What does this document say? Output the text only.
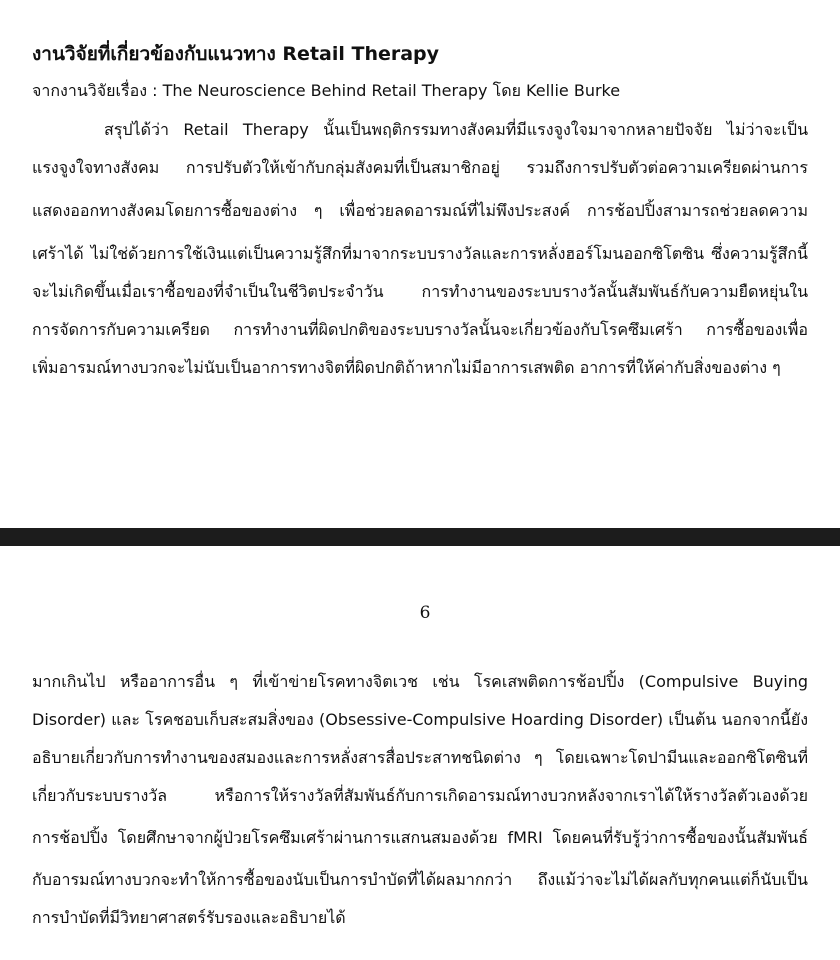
งานวิจัยที่เกี่ยวข้องกับแนวทาง Retail Therapy
จากงานวิจัยเรื่อง : The Neuroscience Behind Retail Therapy โดย Kellie Burke
สรุปได้ว่า Retail Therapy นั้นเป็นพฤติกรรมทางสังคมที่มีแรงจูงใจมาจากหลายปัจจัย ไม่ว่าจะเป็น
แรงจูงใจทางสังคม การปรับตัวให้เข้ากับกลุ่มสังคมที่เป็นสมาชิกอยู่ รวมถึงการปรับตัวต่อความเครียดผ่านการ
แสดงออกทางสังคมโดยการซื้อของต่าง ๆ เพื่อช่วยลดอารมณ์ที่ไม่พึงประสงค์ การช้อปปิ้งสามารถช่วยลดความ
เศร้าได้ ไม่ใช่ด้วยการใช้เงินแต่เป็นความรู้สึกที่มาจากระบบรางวัลและการหลั่งฮอร์โมนออกซิโตซิน ซึ่งความรู้สึกนี้
จะไม่เกิดขึ้นเมื่อเราซื้อของที่จำเป็นในชีวิตประจำวัน การทำงานของระบบรางวัลนั้นสัมพันธ์กับความยืดหยุ่นใน
การจัดการกับความเครียด การทำงานที่ผิดปกติของระบบรางวัลนั้นจะเกี่ยวข้องกับโรคซึมเศร้า การซื้อของเพื่อ
เพิ่มอารมณ์ทางบวกจะไม่นับเป็นอาการทางจิตที่ผิดปกติถ้าหากไม่มีอาการเสพติด อาการที่ให้ค่ากับสิ่งของต่าง ๆ
6
มากเกินไป หรืออาการอื่น ๆ ที่เข้าข่ายโรคทางจิตเวช เช่น โรคเสพติดการช้อปปิ้ง (Compulsive Buying
Disorder) และ โรคชอบเก็บสะสมสิ่งของ (Obsessive-Compulsive Hoarding Disorder) เป็นต้น นอกจากนี้ยัง
อธิบายเกี่ยวกับการทำงานของสมองและการหลั่งสารสื่อประสาทชนิดต่าง ๆ โดยเฉพาะโดปามีนและออกซิโตซินที่
เกี่ยวกับระบบรางวัล หรือการให้รางวัลที่สัมพันธ์กับการเกิดอารมณ์ทางบวกหลังจากเราได้ให้รางวัลตัวเองด้วย
การช้อปปิ้ง โดยศึกษาจากผู้ป่วยโรคซึมเศร้าผ่านการแสกนสมองด้วย fMRI โดยคนที่รับรู้ว่าการซื้อของนั้นสัมพันธ์
กับอารมณ์ทางบวกจะทำให้การซื้อของนับเป็นการบำบัดที่ได้ผลมากกว่า ถึงแม้ว่าจะไม่ได้ผลกับทุกคนแต่ก็นับเป็น
การบำบัดที่มีวิทยาศาสตร์รับรองและอธิบายได้
